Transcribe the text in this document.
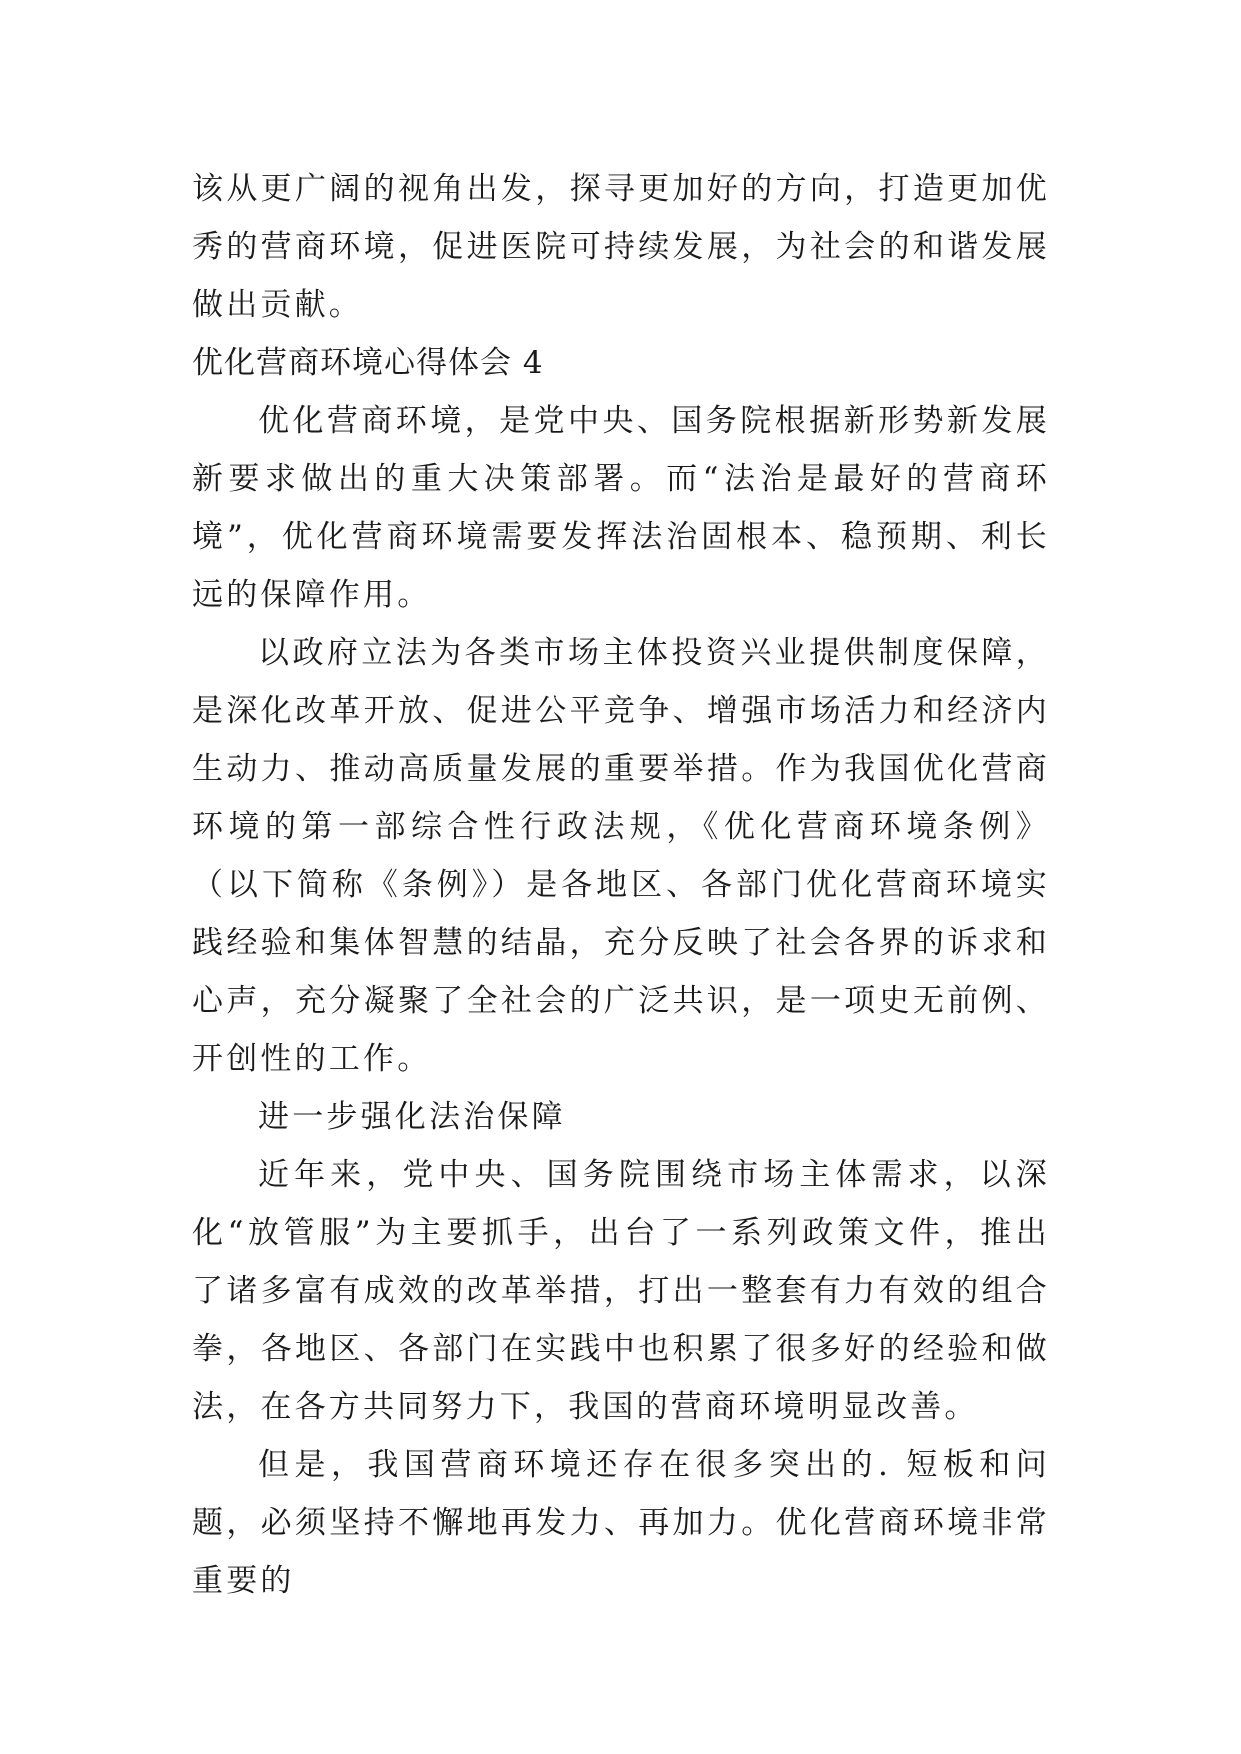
该从更广阔的视角出发，探寻更加好的方向，打造更加优秀的营商环境，促进医院可持续发展，为社会的和谐发展做出贡献。

优化营商环境心得体会 4

优化营商环境，是党中央、国务院根据新形势新发展新要求做出的重大决策部署。而“法治是最好的营商环境”，优化营商环境需要发挥法治固根本、稳预期、利长远的保障作用。

以政府立法为各类市场主体投资兴业提供制度保障，是深化改革开放、促进公平竞争、增强市场活力和经济内生动力、推动高质量发展的重要举措。作为我国优化营商环境的第一部综合性行政法规，《优化营商环境条例》（以下简称《条例》）是各地区、各部门优化营商环境实践经验和集体智慧的结晶，充分反映了社会各界的诉求和心声，充分凝聚了全社会的广泛共识，是一项史无前例、开创性的工作。

进一步强化法治保障

近年来，党中央、国务院围绕市场主体需求，以深化“放管服”为主要抓手，出台了一系列政策文件，推出了诸多富有成效的改革举措，打出一整套有力有效的组合拳，各地区、各部门在实践中也积累了很多好的经验和做法，在各方共同努力下，我国的营商环境明显改善。

但是，我国营商环境还存在很多突出的. 短板和问题，必须坚持不懈地再发力、再加力。优化营商环境非常重要的
